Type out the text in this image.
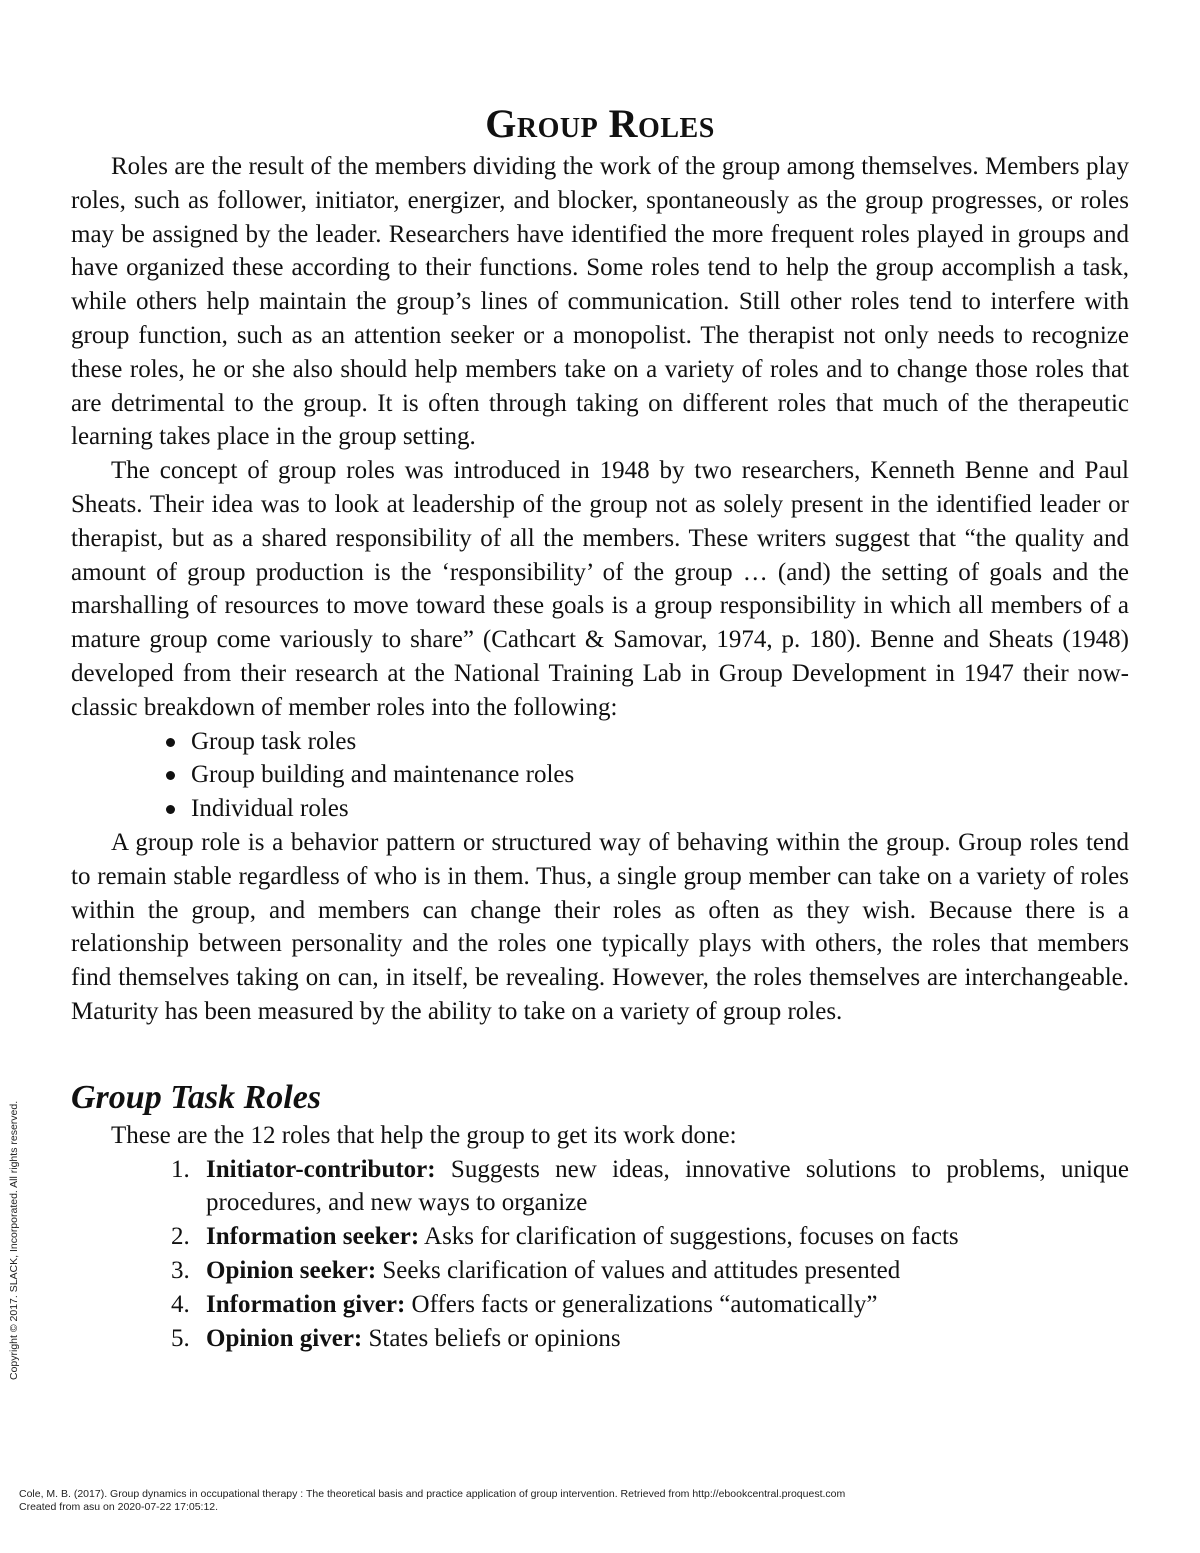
Group Roles

Roles are the result of the members dividing the work of the group among themselves. Members play roles, such as follower, initiator, energizer, and blocker, spontaneously as the group progresses, or roles may be assigned by the leader. Researchers have identified the more frequent roles played in groups and have organized these according to their functions. Some roles tend to help the group accomplish a task, while others help maintain the group’s lines of communication. Still other roles tend to interfere with group function, such as an attention seeker or a monopolist. The therapist not only needs to recognize these roles, he or she also should help members take on a variety of roles and to change those roles that are detrimental to the group. It is often through taking on different roles that much of the therapeutic learning takes place in the group setting.

The concept of group roles was introduced in 1948 by two researchers, Kenneth Benne and Paul Sheats. Their idea was to look at leadership of the group not as solely present in the identified leader or therapist, but as a shared responsibility of all the members. These writers suggest that “the quality and amount of group production is the ‘responsibility’ of the group … (and) the setting of goals and the marshalling of resources to move toward these goals is a group responsibility in which all members of a mature group come variously to share” (Cathcart & Samovar, 1974, p. 180). Benne and Sheats (1948) developed from their research at the National Training Lab in Group Development in 1947 their now-classic breakdown of member roles into the following:

Group task roles
Group building and maintenance roles
Individual roles

A group role is a behavior pattern or structured way of behaving within the group. Group roles tend to remain stable regardless of who is in them. Thus, a single group member can take on a variety of roles within the group, and members can change their roles as often as they wish. Because there is a relationship between personality and the roles one typically plays with others, the roles that members find themselves taking on can, in itself, be revealing. However, the roles themselves are interchangeable. Maturity has been measured by the ability to take on a variety of group roles.

Group Task Roles

These are the 12 roles that help the group to get its work done:

1. Initiator-contributor: Suggests new ideas, innovative solutions to problems, unique procedures, and new ways to organize
2. Information seeker: Asks for clarification of suggestions, focuses on facts
3. Opinion seeker: Seeks clarification of values and attitudes presented
4. Information giver: Offers facts or generalizations “automatically”
5. Opinion giver: States beliefs or opinions
Copyright © 2017. SLACK, Incorporated. All rights reserved.
Cole, M. B. (2017). Group dynamics in occupational therapy : The theoretical basis and practice application of group intervention. Retrieved from http://ebookcentral.proquest.com
Created from asu on 2020-07-22 17:05:12.
